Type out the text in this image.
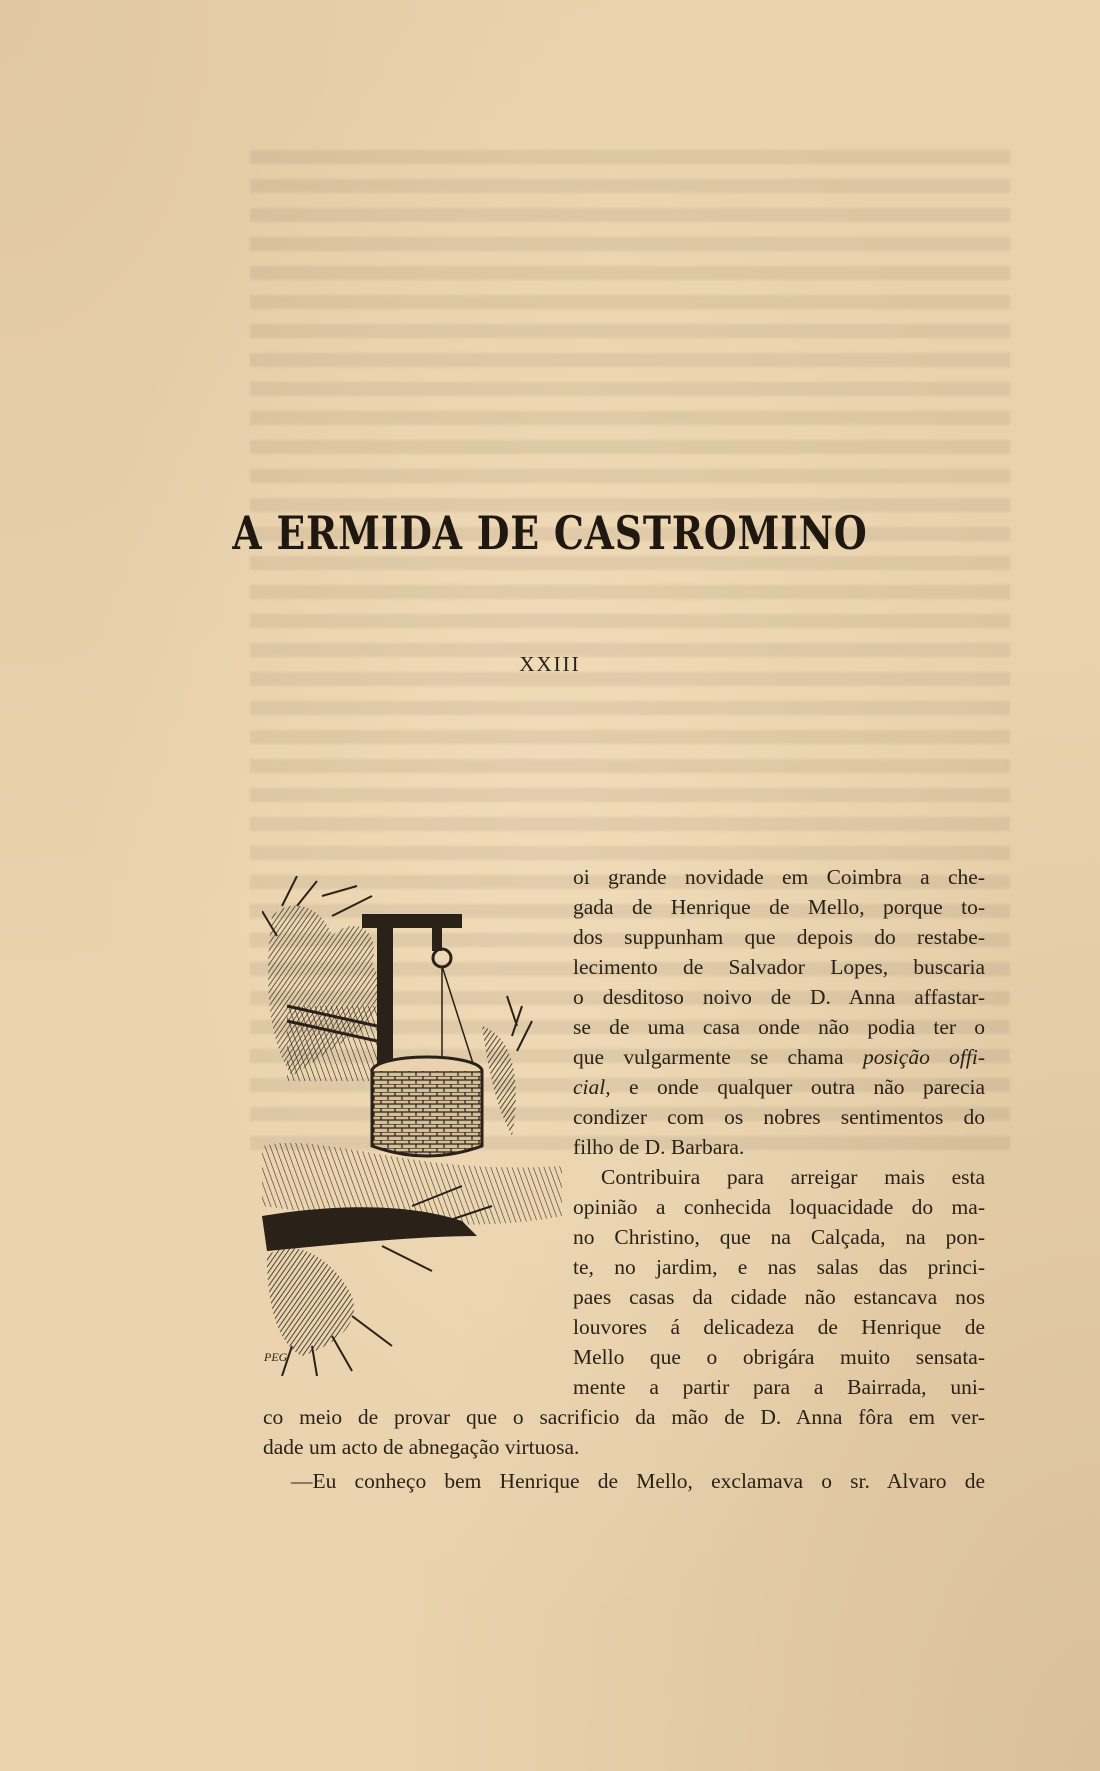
A ERMIDA DE CASTROMINO
XXIII
PEG
oi grande novidade em Coimbra a che-
gada de Henrique de Mello, porque to-
dos suppunham que depois do restabe-
lecimento de Salvador Lopes, buscaria
o desditoso noivo de D. Anna affastar-
se de uma casa onde não podia ter o
que vulgarmente se chama posição offi-
cial, e onde qualquer outra não parecia
condizer com os nobres sentimentos do
filho de D. Barbara.
Contribuira para arreigar mais esta
opinião a conhecida loquacidade do ma-
no Christino, que na Calçada, na pon-
te, no jardim, e nas salas das princi-
paes casas da cidade não estancava nos
louvores á delicadeza de Henrique de
Mello que o obrigára muito sensata-
mente a partir para a Bairrada, uni-
co meio de provar que o sacrificio da mão de D. Anna fôra em ver-
dade um acto de abnegação virtuosa.
—Eu conheço bem Henrique de Mello, exclamava o sr. Alvaro de
